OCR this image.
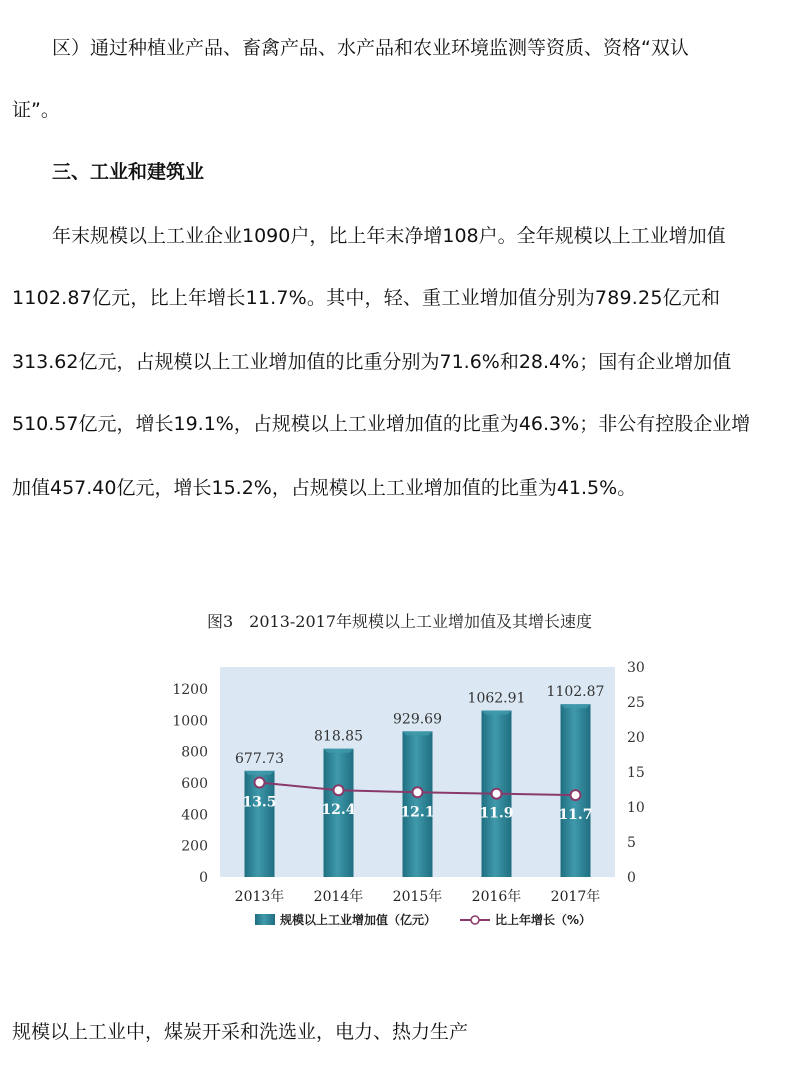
区）通过种植业产品、畜禽产品、水产品和农业环境监测等资质、资格“双认
证”。
三、工业和建筑业
年末规模以上工业企业1090户，比上年末净增108户。全年规模以上工业增加值
1102.87亿元，比上年增长11.7%。其中，轻、重工业增加值分别为789.25亿元和
313.62亿元，占规模以上工业增加值的比重分别为71.6%和28.4%；国有企业增加值
510.57亿元，增长19.1%，占规模以上工业增加值的比重为46.3%；非公有控股企业增
加值457.40亿元，增长15.2%，占规模以上工业增加值的比重为41.5%。
图3　2013-2017年规模以上工业增加值及其增长速度
0
200
400
600
800
1000
1200
0
5
10
15
20
25
30
677.73
2013年
818.85
2014年
929.69
2015年
1062.91
2016年
1102.87
2017年
13.5	12.4	12.1	11.9	11.7
规模以上工业增加值（亿元）	比上年增长（%）
规模以上工业中，煤炭开采和洗选业，电力、热力生产
